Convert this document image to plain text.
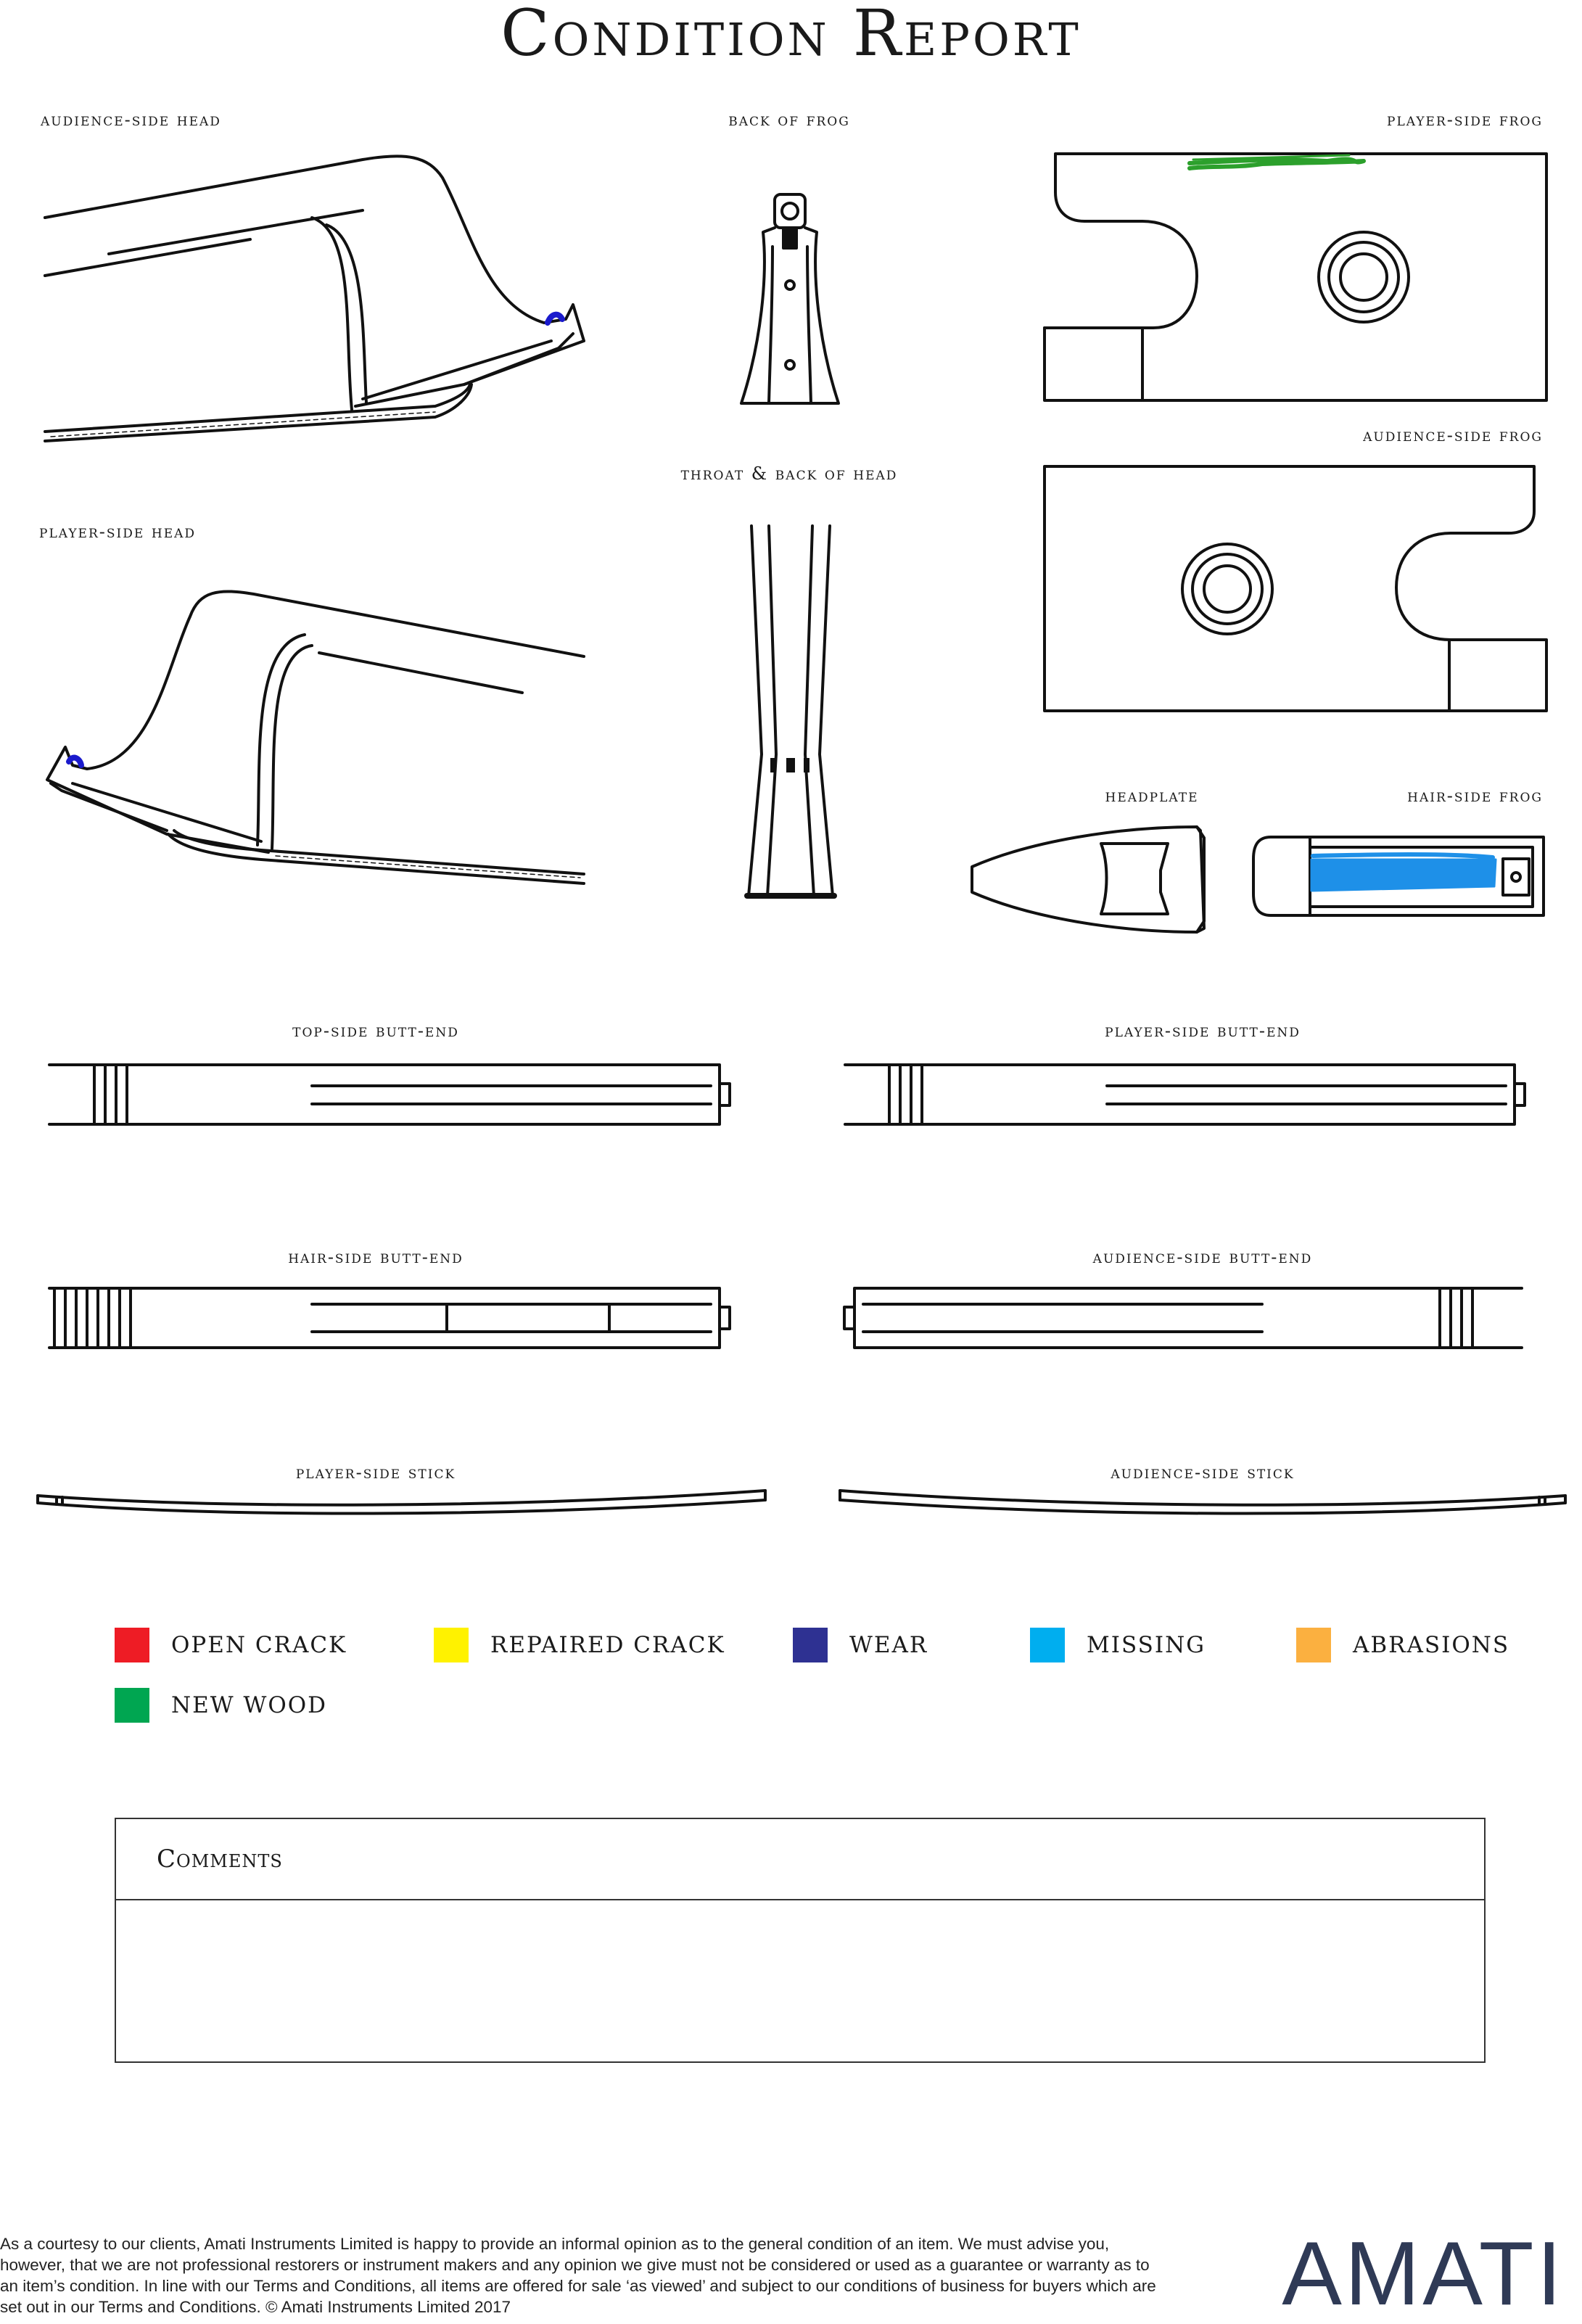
Condition Report
audience-side head	back of frog	player-side frog
audience-side frog
throat & back of head
player-side head
headplate	hair-side frog
top-side butt-end	player-side butt-end
hair-side butt-end	audience-side butt-end
player-side stick	audience-side stick
OPEN CRACK	REPAIRED CRACK	WEAR	MISSING	ABRASIONS
NEW WOOD
Comments
As a courtesy to our clients, Amati Instruments Limited is happy to provide an informal opinion as to the general condition of an item. We must advise you, however, that we are not professional restorers or instrument makers and any opinion we give must not be considered or used as a guarantee or warranty as to an item’s condition. In line with our Terms and Conditions, all items are offered for sale ‘as viewed’ and subject to our conditions of business for buyers which are set out in our Terms and Conditions. © Amati Instruments Limited 2017	AMATI
